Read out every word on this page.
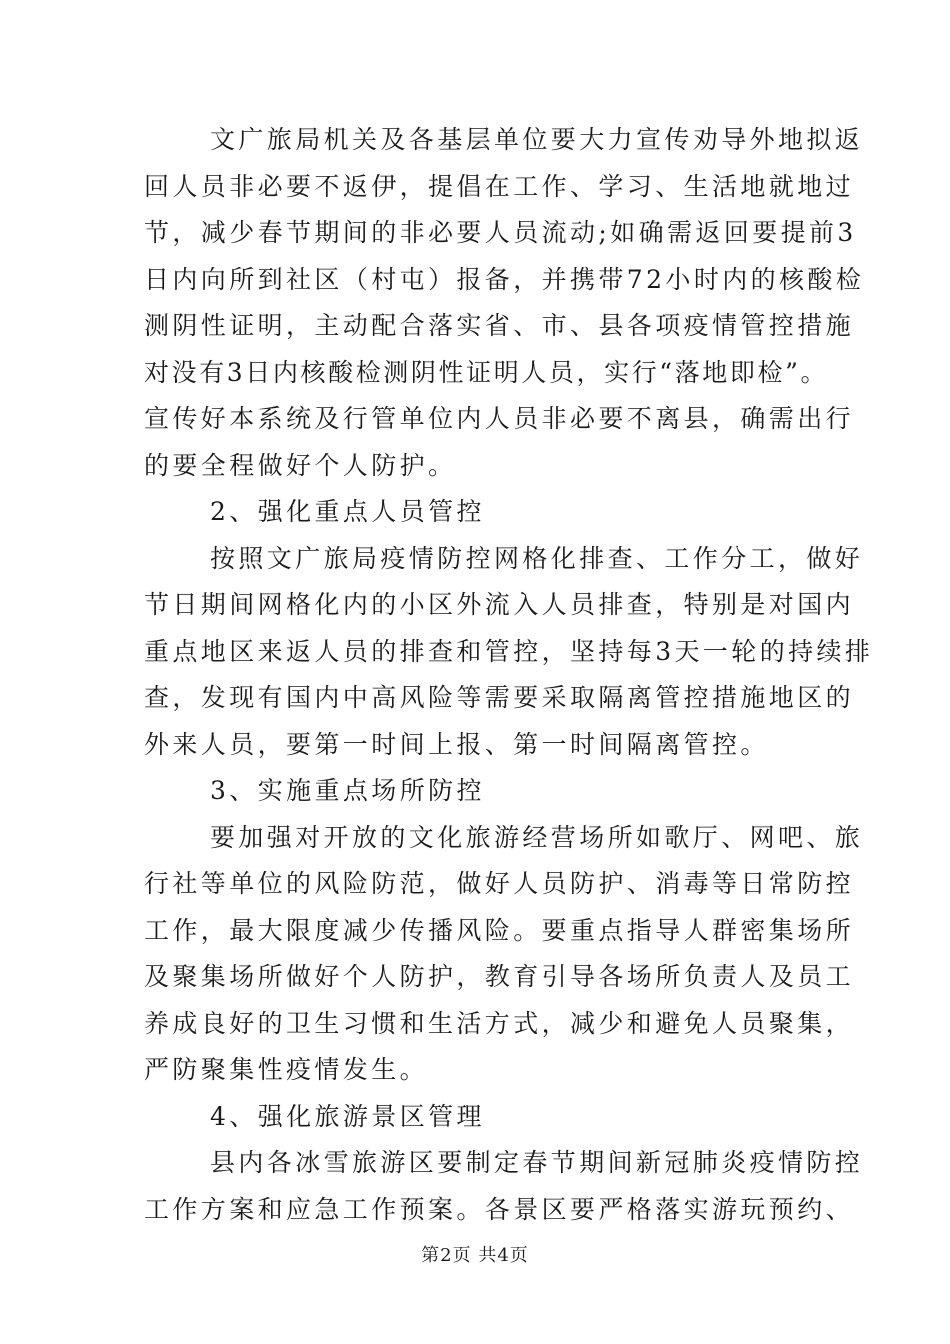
文广旅局机关及各基层单位要大力宣传劝导外地拟返
回人员非必要不返伊，提倡在工作、学习、生活地就地过
节，减少春节期间的非必要人员流动;如确需返回要提前3
日内向所到社区（村屯）报备，并携带72小时内的核酸检
测阴性证明，主动配合落实省、市、县各项疫情管控措施
对没有3日内核酸检测阴性证明人员，实行“落地即检”。
宣传好本系统及行管单位内人员非必要不离县，确需出行
的要全程做好个人防护。
2、强化重点人员管控
按照文广旅局疫情防控网格化排查、工作分工，做好
节日期间网格化内的小区外流入人员排查，特别是对国内
重点地区来返人员的排查和管控，坚持每3天一轮的持续排
查，发现有国内中高风险等需要采取隔离管控措施地区的
外来人员，要第一时间上报、第一时间隔离管控。
3、实施重点场所防控
要加强对开放的文化旅游经营场所如歌厅、网吧、旅
行社等单位的风险防范，做好人员防护、消毒等日常防控
工作，最大限度减少传播风险。要重点指导人群密集场所
及聚集场所做好个人防护，教育引导各场所负责人及员工
养成良好的卫生习惯和生活方式，减少和避免人员聚集，
严防聚集性疫情发生。
4、强化旅游景区管理
县内各冰雪旅游区要制定春节期间新冠肺炎疫情防控
工作方案和应急工作预案。各景区要严格落实游玩预约、
第2页 共4页
